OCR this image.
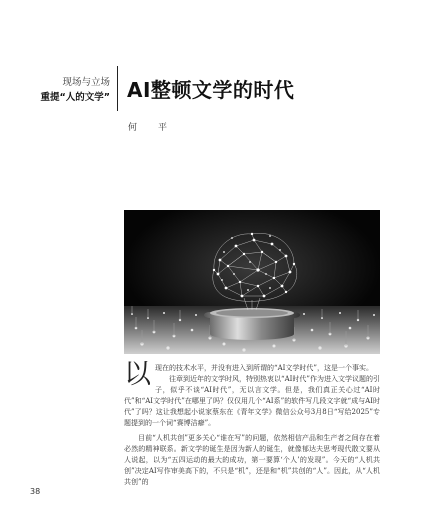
现场与立场
重提“人的文学” AI整顿文学的时代
何　平

以现在的技术水平，并没有进入到所谓的“AI文学时代”，这是一个事实。

往章到近年的文学时风，特别热衷以“AI时代”作为进入文学议题的引子，似乎不谈“AI时代”，无以言文学。但是，我们真正关心过“AI时代”和“AI文学时代”在哪里了吗？仅仅用几个“AI系”的软件写几段文字就“成与AI时代”了吗？这让我想起小说家蔡东在《青年文学》微信公众号3月8日“写给2025”专题提到的一个词“赛博洁癖”。

目前“人机共创”更多关心“谁在写”的问题，依然相信产品和生产者之间存在着必然的精神联系。新文学的诞生是因为新人的诞生，就像郁达夫思考现代散文要从人说起，以为“五四运动的最大的成功，第一要算‘个人’的发现”。今天的“人机共创”决定AI写作审美高下的，不只是“机”，还是和“机”共创的“人”。因此，从“人机共创”的

38
